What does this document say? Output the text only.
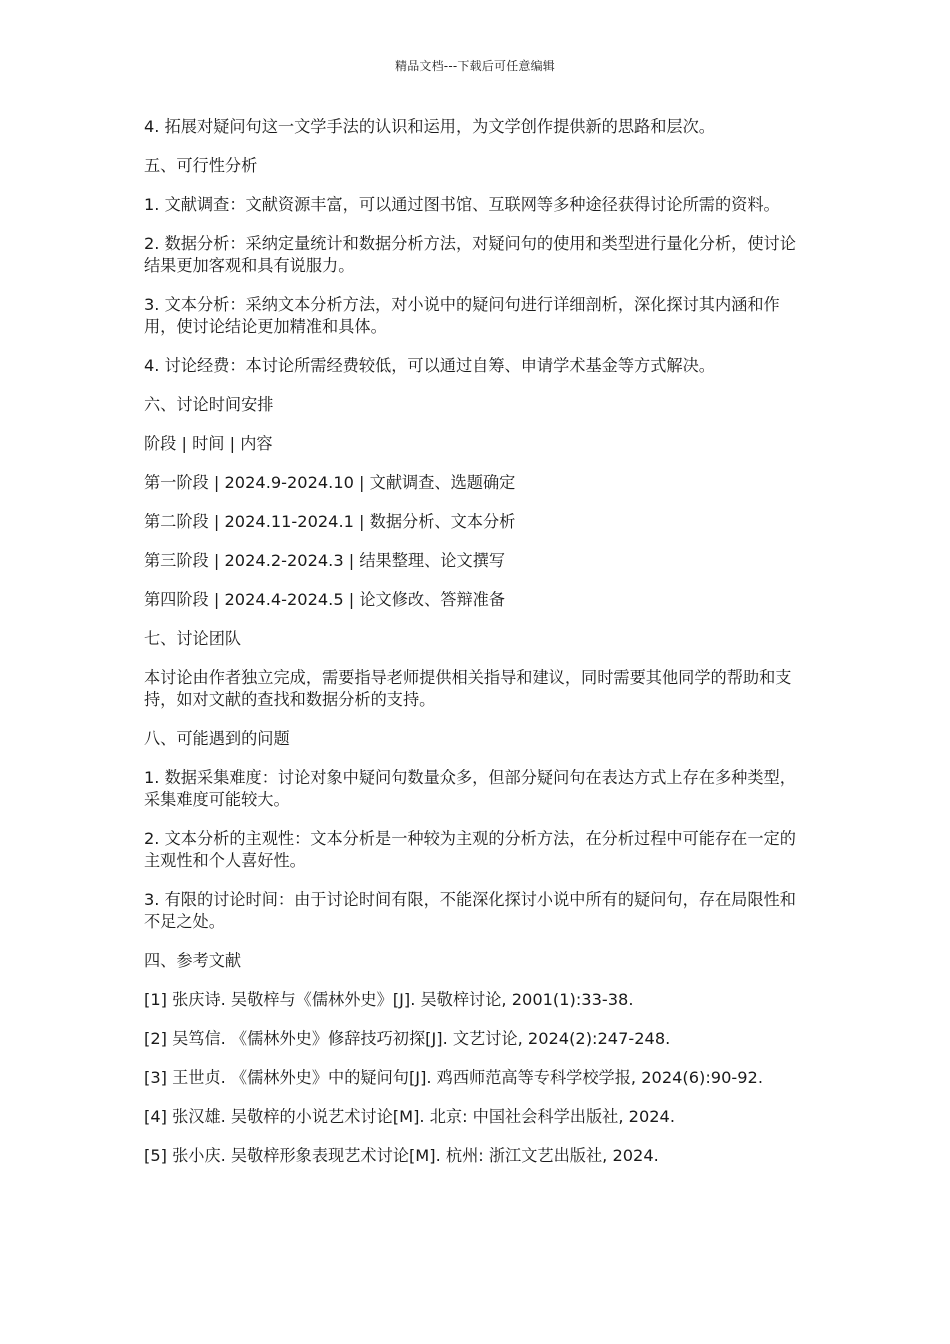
精品文档---下载后可任意编辑

4. 拓展对疑问句这一文学手法的认识和运用，为文学创作提供新的思路和层次。

五、可行性分析

1. 文献调查：文献资源丰富，可以通过图书馆、互联网等多种途径获得讨论所需的资料。

2. 数据分析：采纳定量统计和数据分析方法，对疑问句的使用和类型进行量化分析，使讨论结果更加客观和具有说服力。

3. 文本分析：采纳文本分析方法，对小说中的疑问句进行详细剖析，深化探讨其内涵和作用，使讨论结论更加精准和具体。

4. 讨论经费：本讨论所需经费较低，可以通过自筹、申请学术基金等方式解决。

六、讨论时间安排

阶段 | 时间 | 内容

第一阶段 | 2024.9-2024.10 | 文献调查、选题确定

第二阶段 | 2024.11-2024.1 | 数据分析、文本分析

第三阶段 | 2024.2-2024.3 | 结果整理、论文撰写

第四阶段 | 2024.4-2024.5 | 论文修改、答辩准备

七、讨论团队

本讨论由作者独立完成，需要指导老师提供相关指导和建议，同时需要其他同学的帮助和支持，如对文献的查找和数据分析的支持。

八、可能遇到的问题

1. 数据采集难度：讨论对象中疑问句数量众多，但部分疑问句在表达方式上存在多种类型，采集难度可能较大。

2. 文本分析的主观性：文本分析是一种较为主观的分析方法，在分析过程中可能存在一定的主观性和个人喜好性。

3. 有限的讨论时间：由于讨论时间有限，不能深化探讨小说中所有的疑问句，存在局限性和不足之处。

四、参考文献

[1] 张庆诗. 吴敬梓与《儒林外史》[J]. 吴敬梓讨论, 2001(1):33-38.

[2] 吴笃信. 《儒林外史》修辞技巧初探[J]. 文艺讨论, 2024(2):247-248.

[3] 王世贞. 《儒林外史》中的疑问句[J]. 鸡西师范高等专科学校学报, 2024(6):90-92.

[4] 张汉雄. 吴敬梓的小说艺术讨论[M]. 北京: 中国社会科学出版社, 2024.

[5] 张小庆. 吴敬梓形象表现艺术讨论[M]. 杭州: 浙江文艺出版社, 2024.
